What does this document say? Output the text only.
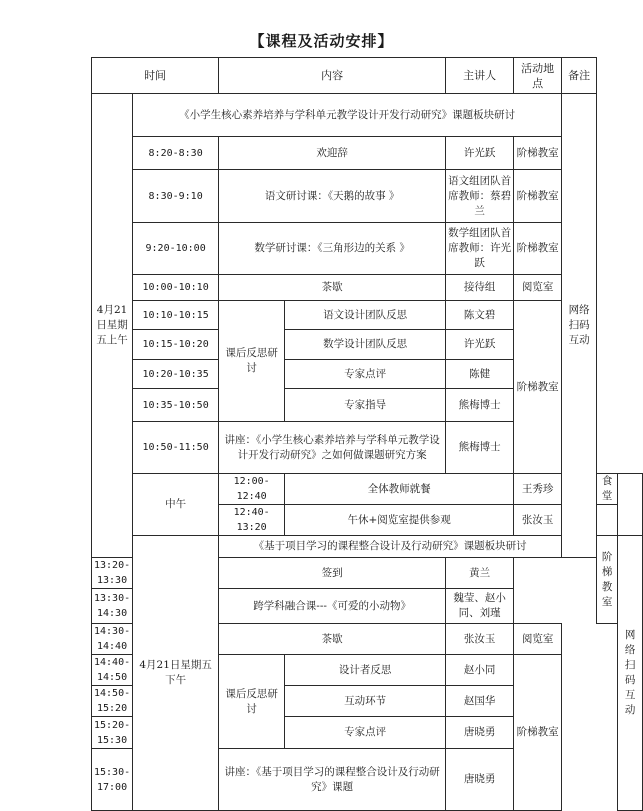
【课程及活动安排】
时间		内容		主讲人	活动地点	备注		
4月21日星期五上午	《小学生核心素养培养与学科单元教学设计开发行动研究》课题板块研讨					网络扫码互动		
	8:20-8:30	欢迎辞		许光跃	阶梯教室			
	8:30-9:10	语文研讨课：《天鹅的故事 》		语文组团队首席教师：蔡碧兰	阶梯教室			
	9:20-10:00	数学研讨课：《三角形边的关系 》		数学组团队首席教师：许光跃	阶梯教室			
	10:00-10:10	茶歇		接待组	阅览室			
	10:10-10:15	课后反思研讨	语文设计团队反思	陈文碧	阶梯教室			
	10:15-10:20		数学设计团队反思	许光跃				
	10:20-10:35		专家点评	陈健				
	10:35-10:50		专家指导	熊梅博士				
	10:50-11:50	讲座：《小学生核心素养培养与学科单元教学设计开发行动研究》之如何做课题研究方案		熊梅博士				
	中午	12:00-12:40	全体教师就餐		王秀珍		食堂	
		12:40-13:20	午休+阅览室提供参观		张汝玉			
	4月21日星期五下午	《基于项目学习的课程整合设计及行动研究》课题板块研讨					阶梯教室	网络扫码互动
13:20-13:30		签到		黄兰				
13:30-14:30		跨学科融合课---《可爱的小动物》		魏莹、赵小同、刘瑾				
14:30-14:40		茶歇		张汝玉	阅览室			
14:40-14:50		课后反思研讨	设计者反思	赵小同	阶梯教室			
14:50-15:20			互动环节	赵国华				
15:20-15:30			专家点评	唐晓勇				
15:30-17:00		讲座：《基于项目学习的课程整合设计及行动研究》课题		唐晓勇				
